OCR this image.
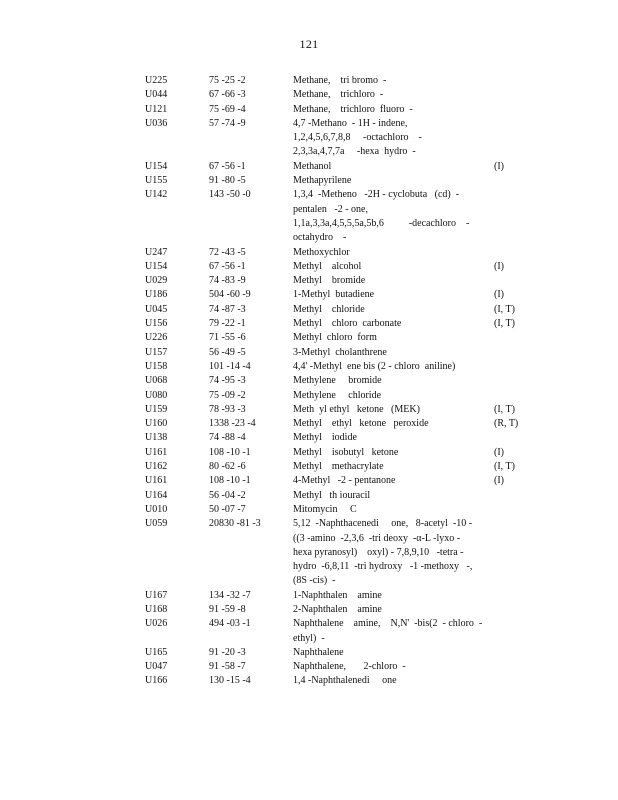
121
U225	75 -25 -2	Methane,    tri bromo  -
U044	67 -66 -3	Methane,    trichloro  -
U121	75 -69 -4	Methane,    trichloro  fluoro  -
U036	57 -74 -9	4,7 -Methano  - 1H - indene,
1,2,4,5,6,7,8,8     -octachloro    -
2,3,3a,4,7,7a     -hexa  hydro  -
U154	67 -56 -1	Methanol	(I)
U155	91 -80 -5	Methapyrilene
U142	143 -50 -0	1,3,4  -Metheno   -2H - cyclobuta   (cd)  -
pentalen   -2 - one,
1,1a,3,3a,4,5,5,5a,5b,6          -decachloro    -
octahydro    -
U247	72 -43 -5	Methoxychlor
U154	67 -56 -1	Methyl    alcohol	(I)
U029	74 -83 -9	Methyl    bromide
U186	504 -60 -9	1-Methyl  butadiene	(I)
U045	74 -87 -3	Methyl    chloride	(I, T)
U156	79 -22 -1	Methyl    chloro  carbonate	(I, T)
U226	71 -55 -6	Methyl  chloro  form
U157	56 -49 -5	3-Methyl  cholanthrene
U158	101 -14 -4	4,4' -Methyl  ene bis (2 - chloro  aniline)
U068	74 -95 -3	Methylene     bromide
U080	75 -09 -2	Methylene     chloride
U159	78 -93 -3	Meth  yl ethyl   ketone   (MEK)	(I, T)
U160	1338 -23 -4	Methyl    ethyl   ketone   peroxide	(R, T)
U138	74 -88 -4	Methyl    iodide
U161	108 -10 -1	Methyl    isobutyl   ketone	(I)
U162	80 -62 -6	Methyl    methacrylate	(I, T)
U161	108 -10 -1	4-Methyl   -2 - pentanone	(I)
U164	56 -04 -2	Methyl   th iouracil
U010	50 -07 -7	Mitomycin     C
U059	20830 -81 -3	5,12  -Naphthacenedi     one,   8-acetyl  -10 -
((3 -amino  -2,3,6  -tri deoxy  -α-L -lyxo -
hexa pyranosyl)    oxyl) - 7,8,9,10   -tetra -
hydro  -6,8,11  -tri hydroxy   -1 -methoxy   -,
(8S -cis)  -
U167	134 -32 -7	1-Naphthalen    amine
U168	91 -59 -8	2-Naphthalen    amine
U026	494 -03 -1	Naphthalene    amine,    N,N'  -bis(2  - chloro  -
ethyl)  -
U165	91 -20 -3	Naphthalene
U047	91 -58 -7	Naphthalene,       2-chloro  -
U166	130 -15 -4	1,4 -Naphthalenedi     one
